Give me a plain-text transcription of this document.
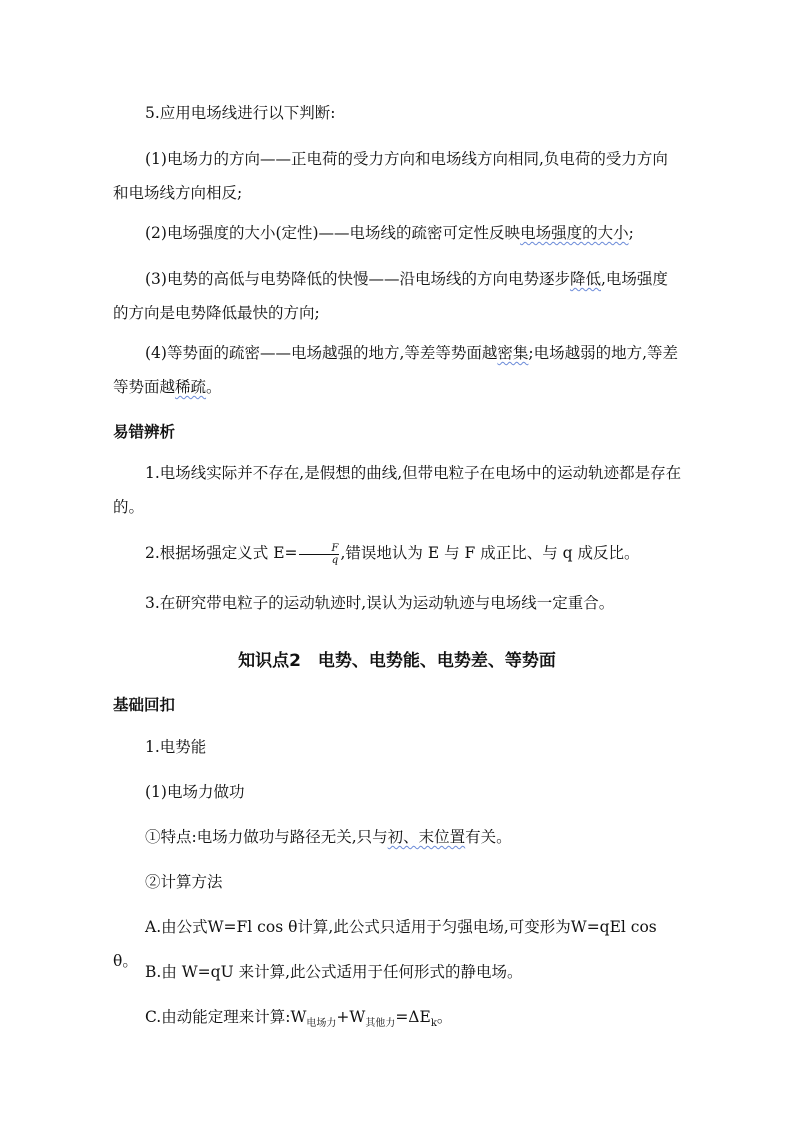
5.应用电场线进行以下判断:

(1)电场力的方向——正电荷的受力方向和电场线方向相同,负电荷的受力方向和电场线方向相反;

(2)电场强度的大小(定性)——电场线的疏密可定性反映电场强度的大小;

(3)电势的高低与电势降低的快慢——沿电场线的方向电势逐步降低,电场强度的方向是电势降低最快的方向;

(4)等势面的疏密——电场越强的地方,等差等势面越密集;电场越弱的地方,等差等势面越稀疏。

易错辨析

1.电场线实际并不存在,是假想的曲线,但带电粒子在电场中的运动轨迹都是存在的。

2.根据场强定义式 $E= \frac{F}{q}$ ,错误地认为 E 与 F 成正比、与 q 成反比。

3.在研究带电粒子的运动轨迹时,误认为运动轨迹与电场线一定重合。

知识点2　电势、电势能、电势差、等势面

基础回扣

1.电势能

(1)电场力做功

①特点:电场力做功与路径无关,只与初、末位置有关。

②计算方法

A.由公式W=Fl cos θ计算,此公式只适用于匀强电场,可变形为W=qEl cos θ。

B.由 W=qU 来计算,此公式适用于任何形式的静电场。

C.由动能定理来计算$:W_{电场力}+W_{其他力}=\Delta E_k$。
